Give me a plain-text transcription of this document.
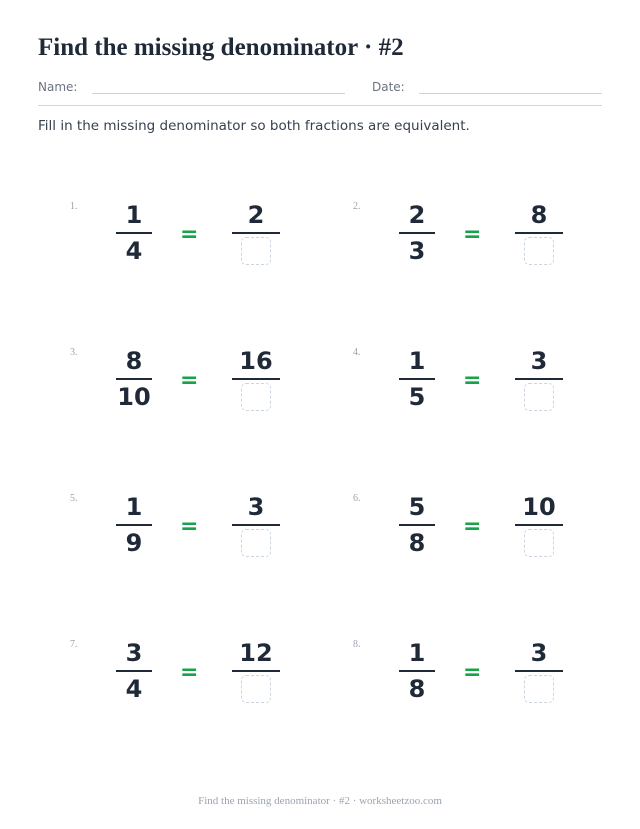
Find the missing denominator · #2
Name:	Date:

Fill in the missing denominator so both fractions are equivalent.

1.	1
4
=
2	2.	2
3
=
8
3.	8
10
=
16	4.	1
5
=
3
5.	1
9
=
3	6.	5
8
=
10
7.	3
4
=
12	8.	1
8
=
3
Find the missing denominator · #2 · worksheetzoo.com
